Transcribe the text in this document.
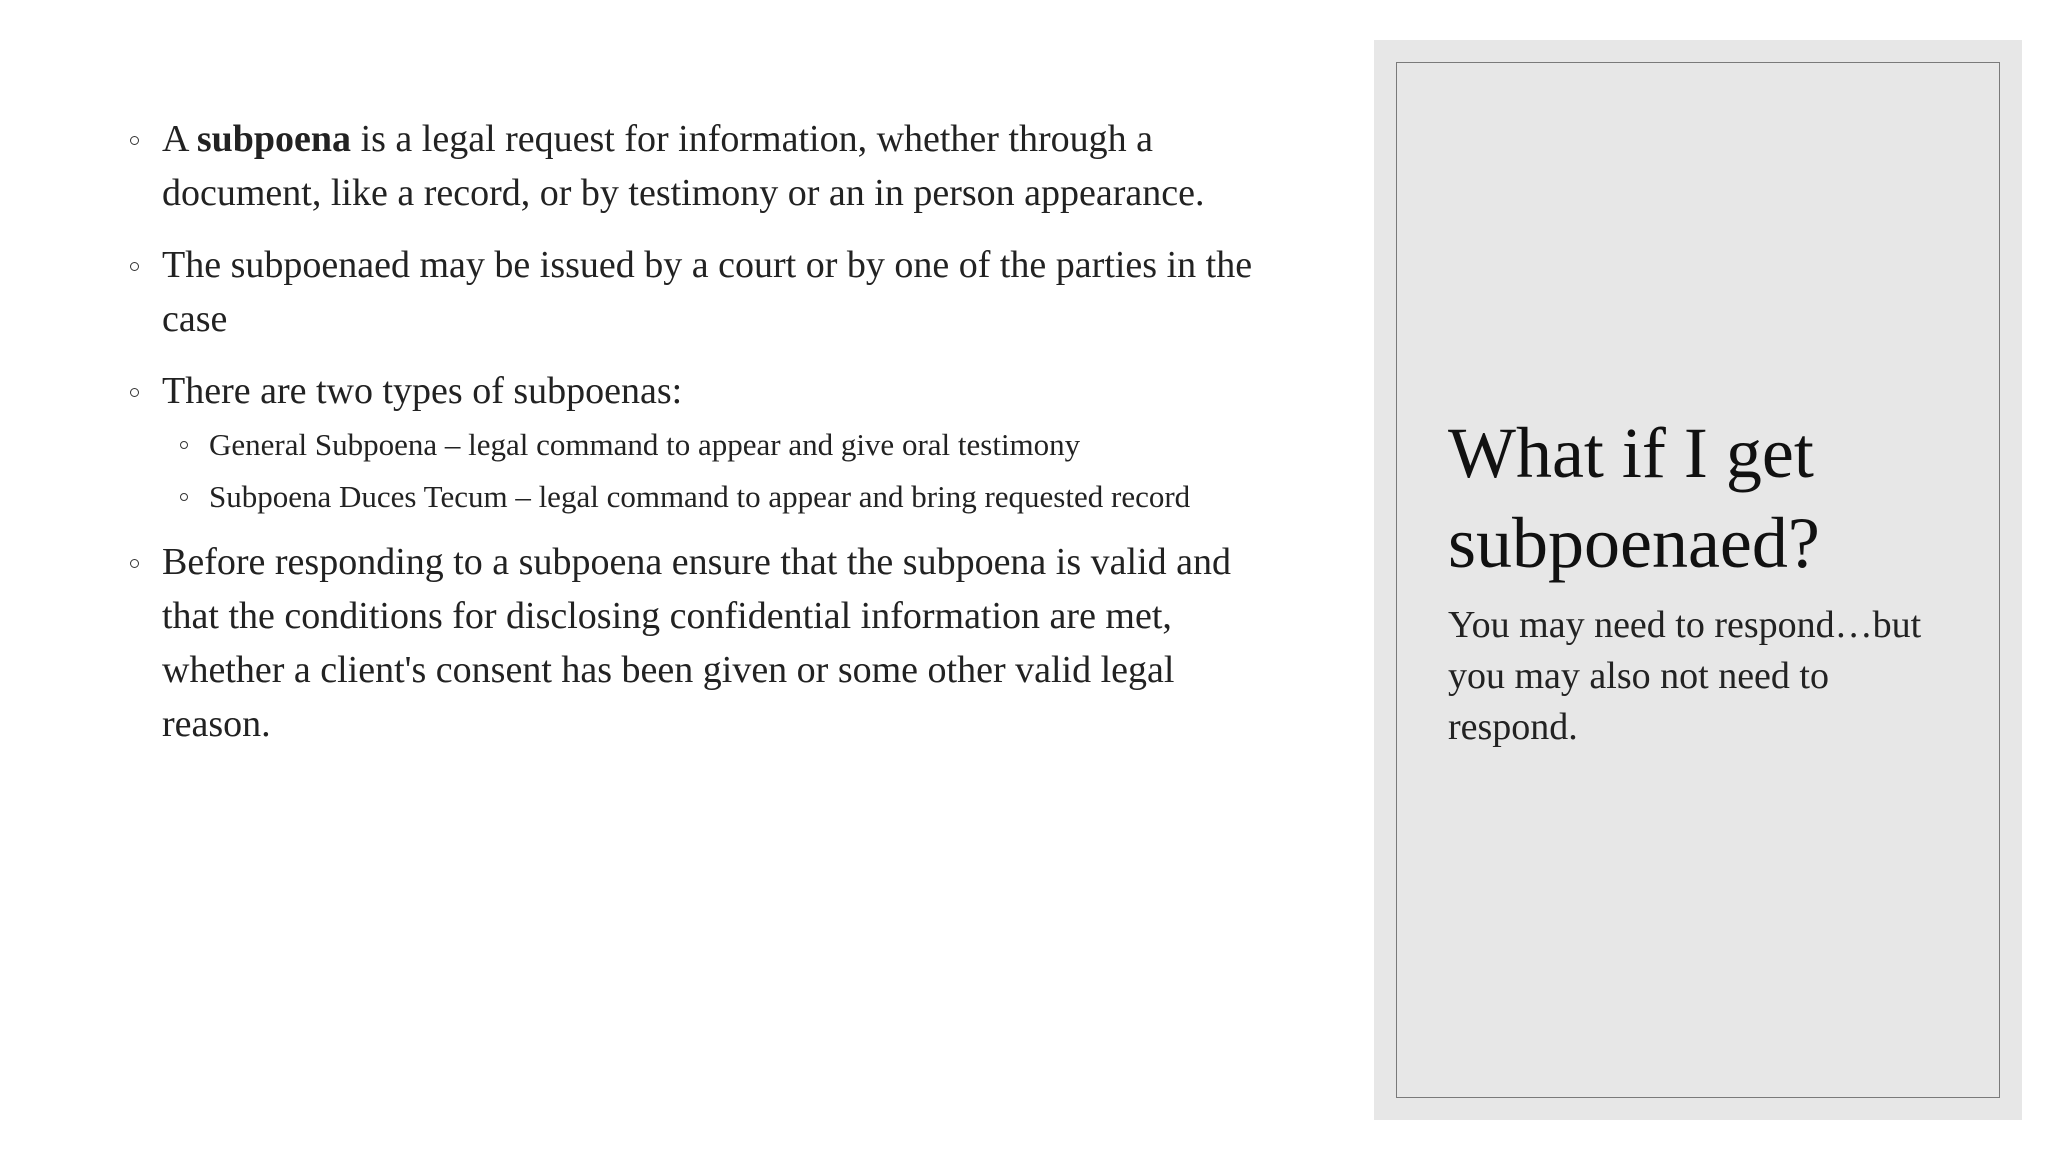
A subpoena is a legal request for information, whether through a document, like a record, or by testimony or an in person appearance.
The subpoenaed may be issued by a court or by one of the parties in the case
There are two types of subpoenas:
General Subpoena – legal command to appear and give oral testimony
Subpoena Duces Tecum – legal command to appear and bring requested record
Before responding to a subpoena ensure that the subpoena is valid and that the conditions for disclosing confidential information are met, whether a client's consent has been given or some other valid legal reason.
What if I get subpoenaed?

You may need to respond…but you may also not need to respond.
